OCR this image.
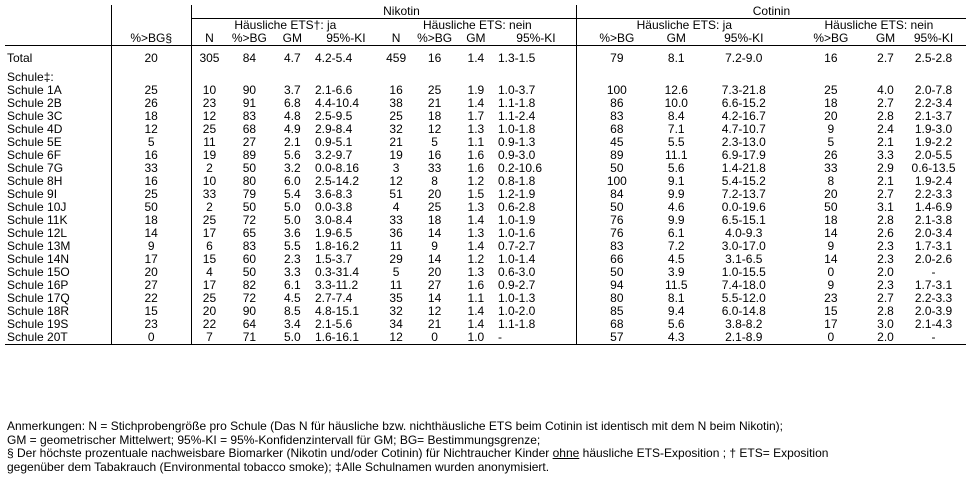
			Nikotin							Cotinin					
		Häusliche ETS†: ja				Häusliche ETS: nein				Häusliche ETS: ja			Häusliche ETS: nein		
	%>BG§	N	%>BG	GM	95%-KI	N	%>BG	GM	95%-KI	%>BG	GM	95%-KI	%>BG	GM	95%-KI

Total	20	305	84	4.7	4.2-5.4	459	16	1.4	1.3-1.5	79	8.1	7.2-9.0	16	2.7	2.5-2.8

Schule‡:															
Schule 1A	25	10	90	3.7	2.1-6.6	16	25	1.9	1.0-3.7	100	12.6	7.3-21.8	25	4.0	2.0-7.8
Schule 2B	26	23	91	6.8	4.4-10.4	38	21	1.4	1.1-1.8	86	10.0	6.6-15.2	18	2.7	2.2-3.4
Schule 3C	18	12	83	4.8	2.5-9.5	25	18	1.7	1.1-2.4	83	8.4	4.2-16.7	20	2.8	2.1-3.7
Schule 4D	12	25	68	4.9	2.9-8.4	32	12	1.3	1.0-1.8	68	7.1	4.7-10.7	9	2.4	1.9-3.0
Schule 5E	5	11	27	2.1	0.9-5.1	21	5	1.1	0.9-1.3	45	5.5	2.3-13.0	5	2.1	1.9-2.2
Schule 6F	16	19	89	5.6	3.2-9.7	19	16	1.6	0.9-3.0	89	11.1	6.9-17.9	26	3.3	2.0-5.5
Schule 7G	33	2	50	3.2	0.0-8.16	3	33	1.6	0.2-10.6	50	5.6	1.4-21.8	33	2.9	0.6-13.5
Schule 8H	16	10	80	6.0	2.5-14.2	12	8	1.2	0.8-1.8	100	9.1	5.4-15.2	8	2.1	1.9-2.4
Schule 9I	25	33	79	5.4	3.6-8.3	51	20	1.5	1.2-1.9	84	9.9	7.2-13.7	20	2.7	2.2-3.3
Schule 10J	50	2	50	5.0	0.0-3.8	4	25	1.3	0.6-2.8	50	4.6	0.0-19.6	50	3.1	1.4-6.9
Schule 11K	18	25	72	5.0	3.0-8.4	33	18	1.4	1.0-1.9	76	9.9	6.5-15.1	18	2.8	2.1-3.8
Schule 12L	14	17	65	3.6	1.9-6.5	36	14	1.3	1.0-1.6	76	6.1	4.0-9.3	14	2.6	2.0-3.4
Schule 13M	9	6	83	5.5	1.8-16.2	11	9	1.4	0.7-2.7	83	7.2	3.0-17.0	9	2.3	1.7-3.1
Schule 14N	17	15	60	2.3	1.5-3.7	29	14	1.2	1.0-1.4	66	4.5	3.1-6.5	14	2.3	2.0-2.6
Schule 15O	20	4	50	3.3	0.3-31.4	5	20	1.3	0.6-3.0	50	3.9	1.0-15.5	0	2.0	-
Schule 16P	27	17	82	6.1	3.3-11.2	11	27	1.6	0.9-2.7	94	11.5	7.4-18.0	9	2.3	1.7-3.1
Schule 17Q	22	25	72	4.5	2.7-7.4	35	14	1.1	1.0-1.3	80	8.1	5.5-12.0	23	2.7	2.2-3.3
Schule 18R	15	20	90	8.5	4.8-15.1	32	12	1.4	1.0-2.0	85	9.4	6.0-14.8	15	2.8	2.0-3.9
Schule 19S	23	22	64	3.4	2.1-5.6	34	21	1.4	1.1-1.8	68	5.6	3.8-8.2	17	3.0	2.1-4.3
Schule 20T	0	7	71	5.0	1.6-16.1	12	0	1.0	-	57	4.3	2.1-8.9	0	2.0	-
Anmerkungen: N = Stichprobengröße pro Schule (Das N für häusliche bzw. nichthäusliche ETS beim Cotinin ist identisch mit dem N beim Nikotin);
GM = geometrischer Mittelwert; 95%-KI = 95%-Konfidenzintervall für GM; BG= Bestimmungsgrenze;
§ Der höchste prozentuale nachweisbare Biomarker (Nikotin und/oder Cotinin) für Nichtraucher Kinder ohne häusliche ETS-Exposition ; † ETS= Exposition
gegenüber dem Tabakrauch (Environmental tobacco smoke); ‡Alle Schulnamen wurden anonymisiert.
